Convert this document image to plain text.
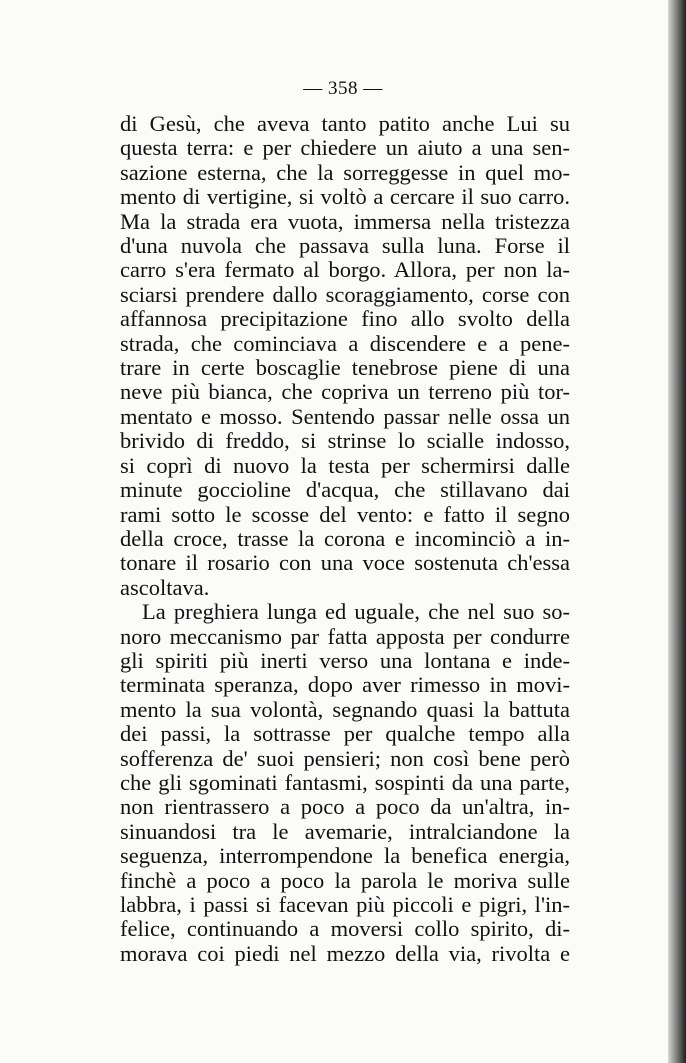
— 358 —
di Gesù, che aveva tanto patito anche Lui su
questa terra: e per chiedere un aiuto a una sen-
sazione esterna, che la sorreggesse in quel mo-
mento di vertigine, si voltò a cercare il suo carro.
Ma la strada era vuota, immersa nella tristezza
d'una nuvola che passava sulla luna. Forse il
carro s'era fermato al borgo. Allora, per non la-
sciarsi prendere dallo scoraggiamento, corse con
affannosa precipitazione fino allo svolto della
strada, che cominciava a discendere e a pene-
trare in certe boscaglie tenebrose piene di una
neve più bianca, che copriva un terreno più tor-
mentato e mosso. Sentendo passar nelle ossa un
brivido di freddo, si strinse lo scialle indosso,
si coprì di nuovo la testa per schermirsi dalle
minute goccioline d'acqua, che stillavano dai
rami sotto le scosse del vento: e fatto il segno
della croce, trasse la corona e incominciò a in-
tonare il rosario con una voce sostenuta ch'essa
ascoltava.
La preghiera lunga ed uguale, che nel suo so-
noro meccanismo par fatta apposta per condurre
gli spiriti più inerti verso una lontana e inde-
terminata speranza, dopo aver rimesso in movi-
mento la sua volontà, segnando quasi la battuta
dei passi, la sottrasse per qualche tempo alla
sofferenza de' suoi pensieri; non così bene però
che gli sgominati fantasmi, sospinti da una parte,
non rientrassero a poco a poco da un'altra, in-
sinuandosi tra le avemarie, intralciandone la
seguenza, interrompendone la benefica energia,
finchè a poco a poco la parola le moriva sulle
labbra, i passi si facevan più piccoli e pigri, l'in-
felice, continuando a moversi collo spirito, di-
morava coi piedi nel mezzo della via, rivolta e
